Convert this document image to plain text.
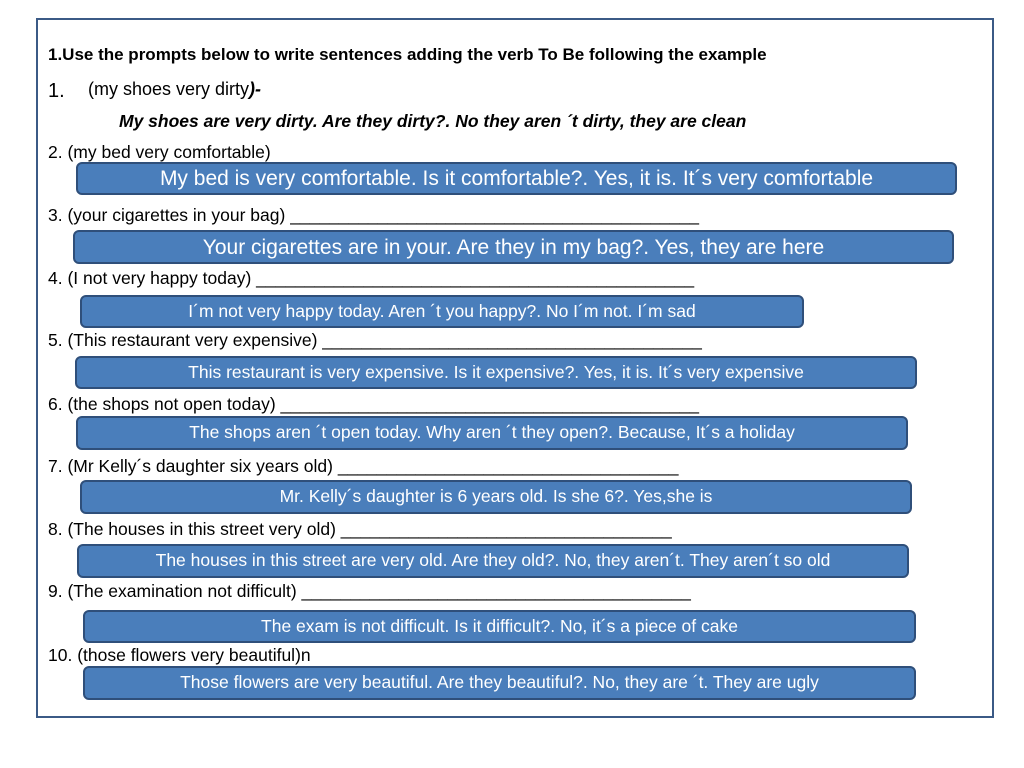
1.Use the prompts below to write sentences adding the verb To Be following the example
1. (my shoes very dirty)-
My shoes are very dirty. Are they dirty?. No they aren ´t dirty, they are clean
2. (my bed very comfortable)
My bed is very comfortable. Is it comfortable?. Yes, it is. It´s very comfortable
3. (your cigarettes in your bag) __________________________________________
Your cigarettes are in your. Are they in my bag?. Yes, they are here
4. (I not very happy today) _____________________________________________
I´m not very happy today. Aren ´t you happy?. No I´m not. I´m sad
5. (This restaurant very expensive) _______________________________________
This restaurant is very expensive. Is it expensive?. Yes, it is. It´s very expensive
6. (the shops not open today) ___________________________________________
The shops aren ´t open today. Why aren ´t they open?. Because, It´s a holiday
7. (Mr Kelly´s daughter six years old) ___________________________________
Mr. Kelly´s daughter is 6 years old. Is she 6?. Yes,she is
8. (The houses in this street very old) __________________________________
The houses in this street are very old. Are they old?. No, they aren´t. They aren´t so old
9. (The examination not difficult) ________________________________________
The exam is not difficult. Is it difficult?. No, it´s a piece of cake
10. (those flowers very beautiful)n
Those flowers are very beautiful. Are they beautiful?. No, they are ´t. They are ugly
